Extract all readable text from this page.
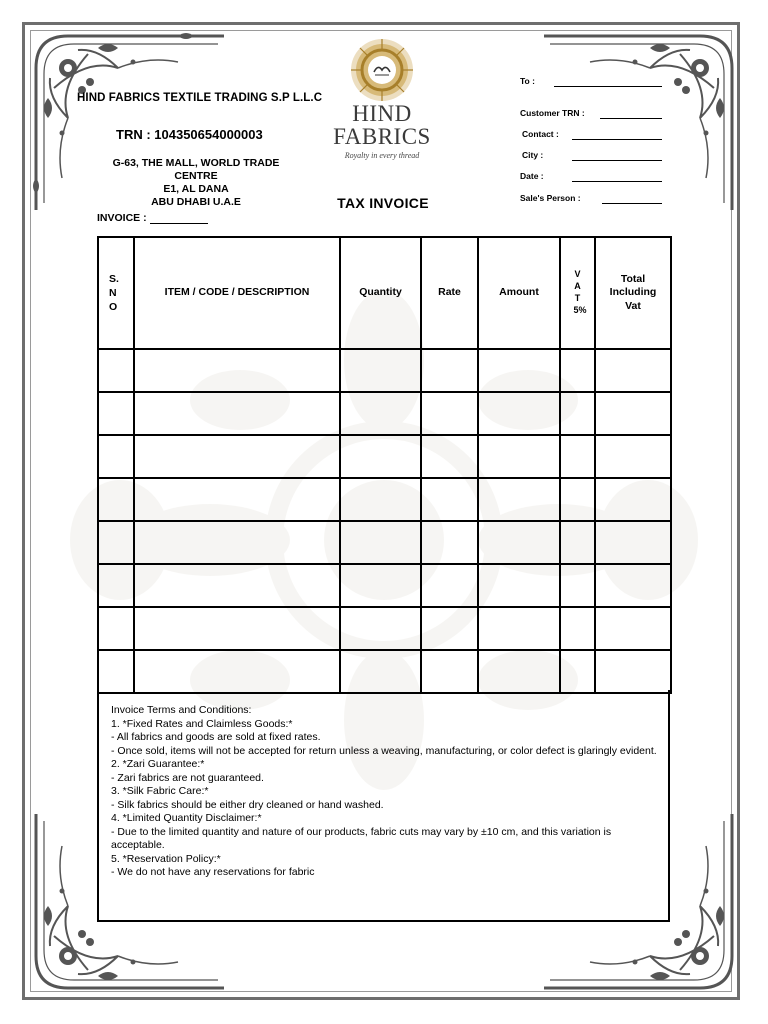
HIND FABRICS TEXTILE TRADING S.P L.L.C
TRN : 104350654000003
G-63, THE MALL, WORLD TRADE CENTRE
E1, AL DANA
ABU DHABI U.A.E
INVOICE :
HIND
FABRICS
Royalty in every thread
TAX INVOICE
To :
Customer TRN :
Contact :
City :
Date :
Sale's Person :
S. N O	ITEM / CODE / DESCRIPTION	Quantity	Rate	Amount	VAT5%	Total Including Vat

Invoice Terms and Conditions:

1. *Fixed Rates and Claimless Goods:*

- All fabrics and goods are sold at fixed rates.

- Once sold, items will not be accepted for return unless a weaving, manufacturing, or color defect is glaringly evident.

2. *Zari Guarantee:*

- Zari fabrics are not guaranteed.

3. *Silk Fabric Care:*

- Silk fabrics should be either dry cleaned or hand washed.

4. *Limited Quantity Disclaimer:*

- Due to the limited quantity and nature of our products, fabric cuts may vary by ±10 cm, and this variation is acceptable.

5. *Reservation Policy:*

- We do not have any reservations for fabric
